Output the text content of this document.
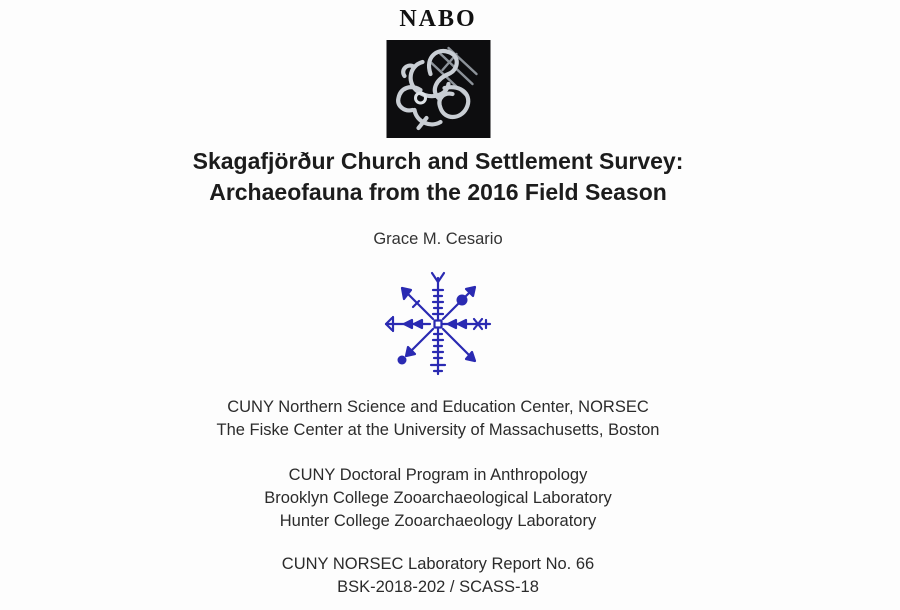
NABO
Skagafjörður Church and Settlement Survey:
Archaeofauna from the 2016 Field Season
Grace M. Cesario
CUNY Northern Science and Education Center, NORSEC
The Fiske Center at the University of Massachusetts, Boston
CUNY Doctoral Program in Anthropology
Brooklyn College Zooarchaeological Laboratory
Hunter College Zooarchaeology Laboratory
CUNY NORSEC Laboratory Report No. 66
BSK-2018-202 / SCASS-18
